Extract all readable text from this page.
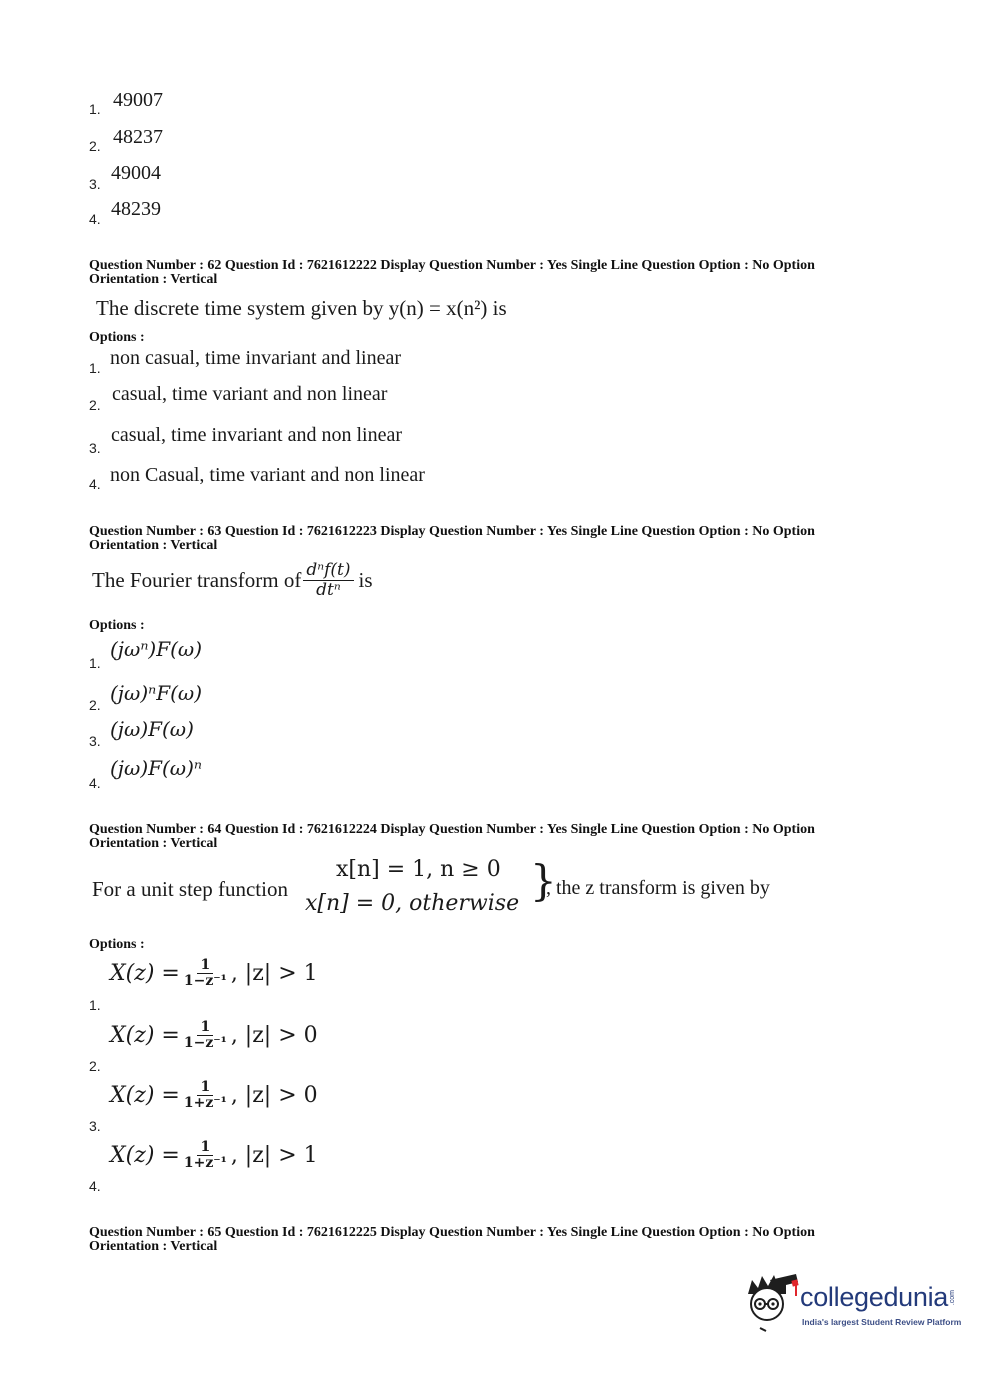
1. 49007
2. 48237
3. 49004
4. 48239
Question Number : 62 Question Id : 7621612222 Display Question Number : Yes Single Line Question Option : No Option
Orientation : Vertical
The discrete time system given by y(n) = x(n²) is
Options :
1. non casual, time invariant and linear
2. casual, time variant and non linear
3.
casual, time invariant and non linear
4. non Casual, time variant and non linear
Question Number : 63 Question Id : 7621612223 Display Question Number : Yes Single Line Question Option : No Option
Orientation : Vertical
The Fourier transform of $\frac{\text{dⁿf(t)}}{\text{dtⁿ}}$ is
Options :
1.
(jωⁿ)F(ω)
2. (jω)ⁿF(ω)
3. (jω)F(ω)
4.
(jω)F(ω)ⁿ
Question Number : 64 Question Id : 7621612224 Display Question Number : Yes Single Line Question Option : No Option
Orientation : Vertical
For a unit step function
x[n] = 1, n ≥ 0
x[n] = 0, otherwise }
, the z transform is given by
Options :
1.
$X(z) = \frac{1}{\text{1−z⁻¹}}$ , |z| > 1
2.
$X(z) = \frac{1}{\text{1−z⁻¹}}$ , |z| > 0
3.
$X(z) = \frac{1}{\text{1+z⁻¹}}$ , |z| > 0
4.
$X(z) = \frac{1}{\text{1+z⁻¹}}$ , |z| > 1
Question Number : 65 Question Id : 7621612225 Display Question Number : Yes Single Line Question Option : No Option
Orientation : Vertical
collegedunia .com
India's largest Student Review Platform
